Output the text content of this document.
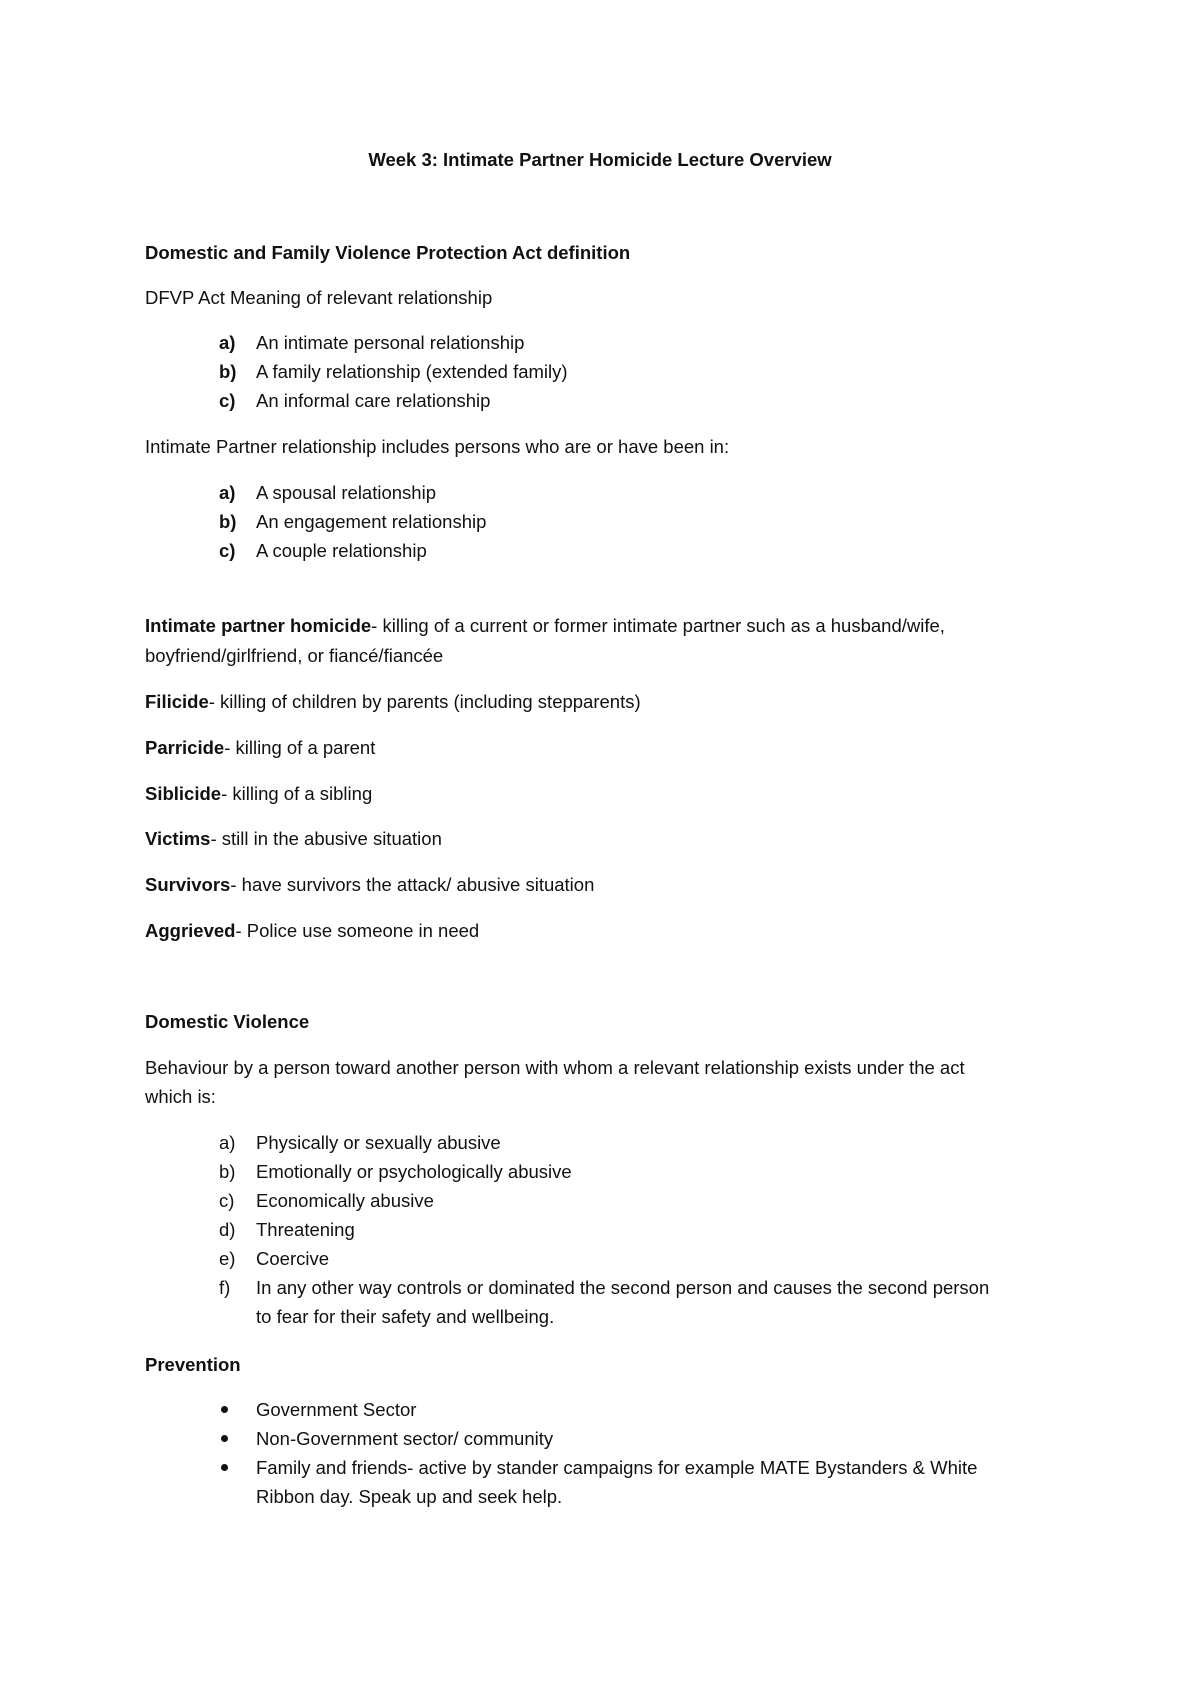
Week 3: Intimate Partner Homicide Lecture Overview
Domestic and Family Violence Protection Act definition
DFVP Act Meaning of relevant relationship
a)	An intimate personal relationship
b)	A family relationship (extended family)
c)	An informal care relationship
Intimate Partner relationship includes persons who are or have been in:
a)	A spousal relationship
b)	An engagement relationship
c)	A couple relationship
Intimate partner homicide- killing of a current or former intimate partner such as a husband/wife,
boyfriend/girlfriend, or fiancé/fiancée
Filicide- killing of children by parents (including stepparents)
Parricide- killing of a parent
Siblicide- killing of a sibling
Victims- still in the abusive situation
Survivors- have survivors the attack/ abusive situation
Aggrieved- Police use someone in need
Domestic Violence
Behaviour by a person toward another person with whom a relevant relationship exists under the act
which is:
a)	Physically or sexually abusive
b)	Emotionally or psychologically abusive
c)	Economically abusive
d)	Threatening
e)	Coercive
f)	In any other way controls or dominated the second person and causes the second person
to fear for their safety and wellbeing.
Prevention
Government Sector
Non-Government sector/ community
Family and friends- active by stander campaigns for example MATE Bystanders & White
Ribbon day. Speak up and seek help.
